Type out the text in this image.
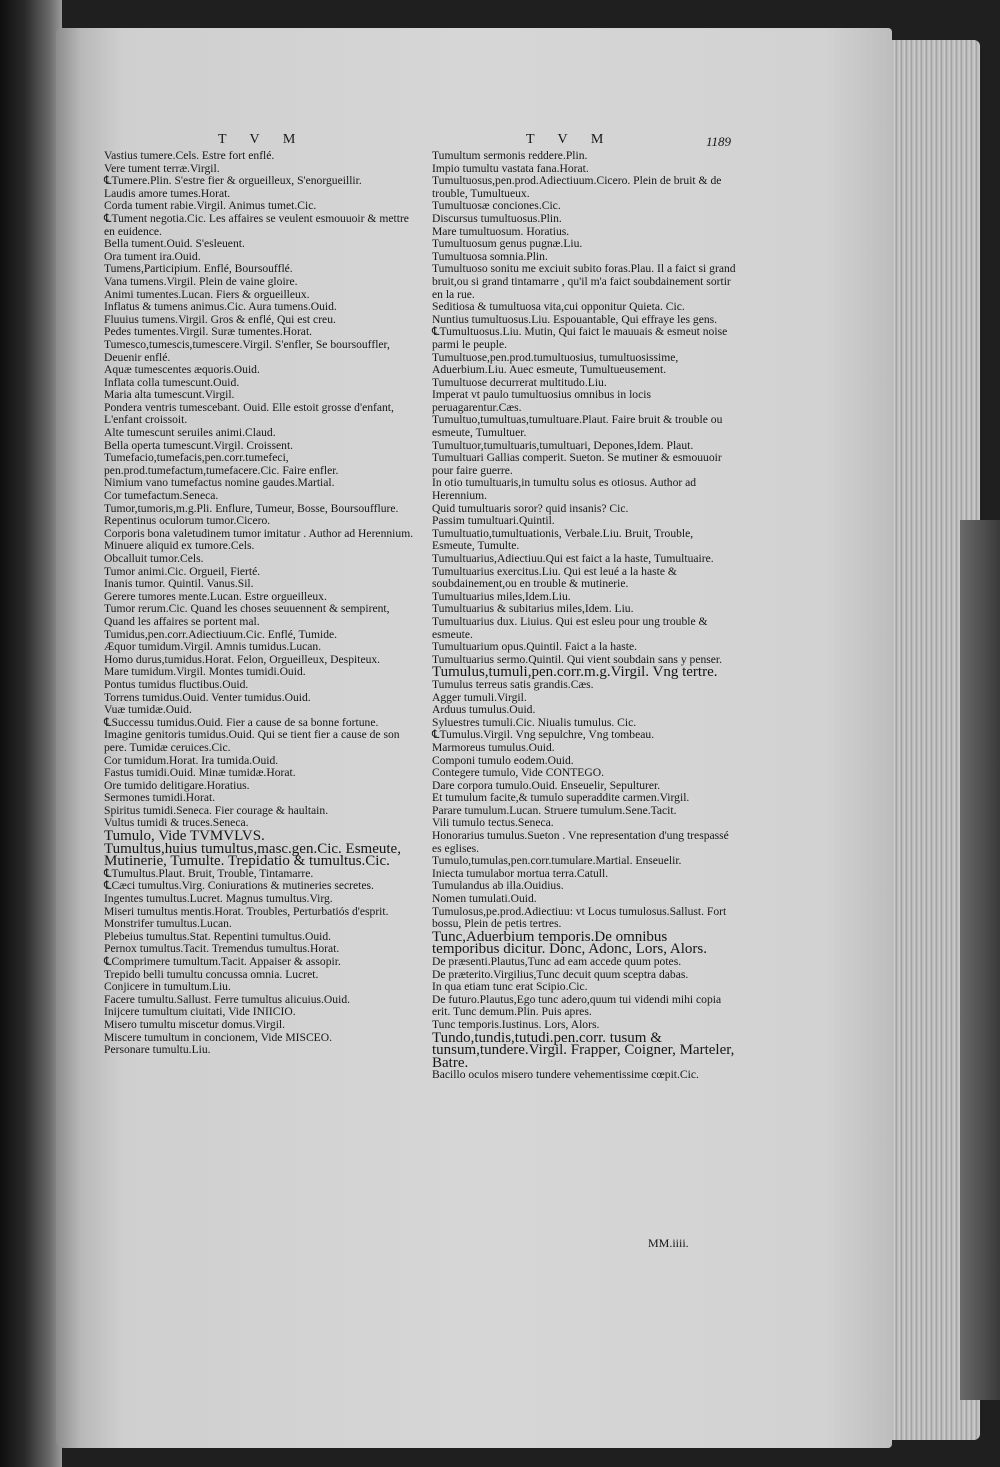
T V M	T V M	1189
Vastius tumere.Cels. Estre fort enflé.
Vere tument terræ.Virgil.
℄Tumere.Plin. S'estre fier & orgueilleux, S'enorgueillir.
Laudis amore tumes.Horat.
Corda tument rabie.Virgil. Animus tumet.Cic.
℄Tument negotia.Cic. Les affaires se veulent esmouuoir & mettre en euidence.
Bella tument.Ouid. S'esleuent.
Ora tument ira.Ouid.
Tumens,Participium. Enflé, Boursoufflé.
Vana tumens.Virgil. Plein de vaine gloire.
Animi tumentes.Lucan. Fiers & orgueilleux.
Inflatus & tumens animus.Cic. Aura tumens.Ouid.
Fluuius tumens.Virgil. Gros & enflé, Qui est creu.
Pedes tumentes.Virgil. Suræ tumentes.Horat.
Tumesco,tumescis,tumescere.Virgil. S'enfler, Se boursouffler, Deuenir enflé.
Aquæ tumescentes æquoris.Ouid.
Inflata colla tumescunt.Ouid.
Maria alta tumescunt.Virgil.
Pondera ventris tumescebant. Ouid. Elle estoit grosse d'enfant, L'enfant croissoit.
Alte tumescunt seruiles animi.Claud.
Bella operta tumescunt.Virgil. Croissent.
Tumefacio,tumefacis,pen.corr.tumefeci, pen.prod.tumefactum,tumefacere.Cic. Faire enfler.
Nimium vano tumefactus nomine gaudes.Martial.
Cor tumefactum.Seneca.
Tumor,tumoris,m.g.Pli. Enflure, Tumeur, Bosse, Boursoufflure.
Repentinus oculorum tumor.Cicero.
Corporis bona valetudinem tumor imitatur . Author ad Herennium.
Minuere aliquid ex tumore.Cels.
Obcalluit tumor.Cels.
Tumor animi.Cic. Orgueil, Fierté.
Inanis tumor. Quintil. Vanus.Sil.
Gerere tumores mente.Lucan. Estre orgueilleux.
Tumor rerum.Cic. Quand les choses seuuennent & sempirent, Quand les affaires se portent mal.
Tumidus,pen.corr.Adiectiuum.Cic. Enflé, Tumide.
Æquor tumidum.Virgil. Amnis tumidus.Lucan.
Homo durus,tumidus.Horat. Felon, Orgueilleux, Despiteux.
Mare tumidum.Virgil. Montes tumidi.Ouid.
Pontus tumidus fluctibus.Ouid.
Torrens tumidus.Ouid. Venter tumidus.Ouid.
Vuæ tumidæ.Ouid.
℄Successu tumidus.Ouid. Fier a cause de sa bonne fortune.
Imagine genitoris tumidus.Ouid. Qui se tient fier a cause de son pere. Tumidæ ceruices.Cic.
Cor tumidum.Horat. Ira tumida.Ouid.
Fastus tumidi.Ouid. Minæ tumidæ.Horat.
Ore tumido delitigare.Horatius.
Sermones tumidi.Horat.
Spiritus tumidi.Seneca. Fier courage & haultain.
Vultus tumidi & truces.Seneca.
Tumulo, Vide TVMVLVS.
Tumultus,huius tumultus,masc.gen.Cic. Esmeute, Mutinerie, Tumulte. Trepidatio & tumultus.Cic.
℄Tumultus.Plaut. Bruit, Trouble, Tintamarre.
℄Cæci tumultus.Virg. Coniurations & mutineries secretes.
Ingentes tumultus.Lucret. Magnus tumultus.Virg.
Miseri tumultus mentis.Horat. Troubles, Perturbatiós d'esprit.
Monstrifer tumultus.Lucan.
Plebeius tumultus.Stat. Repentini tumultus.Ouid.
Pernox tumultus.Tacit. Tremendus tumultus.Horat.
℄Comprimere tumultum.Tacit. Appaiser & assopir.
Trepido belli tumultu concussa omnia. Lucret.
Conjicere in tumultum.Liu.
Facere tumultu.Sallust. Ferre tumultus alicuius.Ouid.
Inijcere tumultum ciuitati, Vide INIICIO.
Misero tumultu miscetur domus.Virgil.
Miscere tumultum in concionem, Vide MISCEO.
Personare tumultu.Liu.
Tumultum sermonis reddere.Plin.
Impio tumultu vastata fana.Horat.
Tumultuosus,pen.prod.Adiectiuum.Cicero. Plein de bruit & de trouble, Tumultueux.
Tumultuosæ conciones.Cic.
Discursus tumultuosus.Plin.
Mare tumultuosum. Horatius.
Tumultuosum genus pugnæ.Liu.
Tumultuosa somnia.Plin.
Tumultuoso sonitu me exciuit subito foras.Plau. Il a faict si grand bruit,ou si grand tintamarre , qu'il m'a faict soubdainement sortir en la rue.
Seditiosa & tumultuosa vita,cui opponitur Quieta. Cic.
Nuntius tumultuosus.Liu. Espouantable, Qui effraye les gens.
℄Tumultuosus.Liu. Mutin, Qui faict le mauuais & esmeut noise parmi le peuple.
Tumultuose,pen.prod.tumultuosius, tumultuosissime, Aduerbium.Liu. Auec esmeute, Tumultueusement.
Tumultuose decurrerat multitudo.Liu.
Imperat vt paulo tumultuosius omnibus in locis peruagarentur.Cæs.
Tumultuo,tumultuas,tumultuare.Plaut. Faire bruit & trouble ou esmeute, Tumultuer.
Tumultuor,tumultuaris,tumultuari, Depones,Idem. Plaut.
Tumultuari Gallias comperit. Sueton. Se mutiner & esmouuoir pour faire guerre.
In otio tumultuaris,in tumultu solus es otiosus. Author ad Herennium.
Quid tumultuaris soror? quid insanis? Cic.
Passim tumultuari.Quintil.
Tumultuatio,tumultuationis, Verbale.Liu. Bruit, Trouble, Esmeute, Tumulte.
Tumultuarius,Adiectiuu.Qui est faict a la haste, Tumultuaire.
Tumultuarius exercitus.Liu. Qui est leué a la haste & soubdainement,ou en trouble & mutinerie.
Tumultuarius miles,Idem.Liu.
Tumultuarius & subitarius miles,Idem. Liu.
Tumultuarius dux. Liuius. Qui est esleu pour ung trouble & esmeute.
Tumultuarium opus.Quintil. Faict a la haste.
Tumultuarius sermo.Quintil. Qui vient soubdain sans y penser.
Tumulus,tumuli,pen.corr.m.g.Virgil. Vng tertre.
Tumulus terreus satis grandis.Cæs.
Agger tumuli.Virgil.
Arduus tumulus.Ouid.
Syluestres tumuli.Cic. Niualis tumulus. Cic.
℄Tumulus.Virgil. Vng sepulchre, Vng tombeau.
Marmoreus tumulus.Ouid.
Componi tumulo eodem.Ouid.
Contegere tumulo, Vide CONTEGO.
Dare corpora tumulo.Ouid. Enseuelir, Sepulturer.
Et tumulum facite,& tumulo superaddite carmen.Virgil.
Parare tumulum.Lucan. Struere tumulum.Sene.Tacit.
Vili tumulo tectus.Seneca.
Honorarius tumulus.Sueton . Vne representation d'ung trespassé es eglises.
Tumulo,tumulas,pen.corr.tumulare.Martial. Enseuelir.
Iniecta tumulabor mortua terra.Catull.
Tumulandus ab illa.Ouidius.
Nomen tumulati.Ouid.
Tumulosus,pe.prod.Adiectiuu: vt Locus tumulosus.Sallust. Fort bossu, Plein de petis tertres.
Tunc,Aduerbium temporis.De omnibus temporibus dicitur. Donc, Adonc, Lors, Alors.
De præsenti.Plautus,Tunc ad eam accede quum potes.
De præterito.Virgilius,Tunc decuit quum sceptra dabas.
In qua etiam tunc erat Scipio.Cic.
De futuro.Plautus,Ego tunc adero,quum tui videndi mihi copia erit. Tunc demum.Plin. Puis apres.
Tunc temporis.Iustinus. Lors, Alors.
Tundo,tundis,tutudi.pen.corr. tusum & tunsum,tundere.Virgil. Frapper, Coigner, Marteler, Batre.
Bacillo oculos misero tundere vehementissime cœpit.Cic.
MM.iiii.
